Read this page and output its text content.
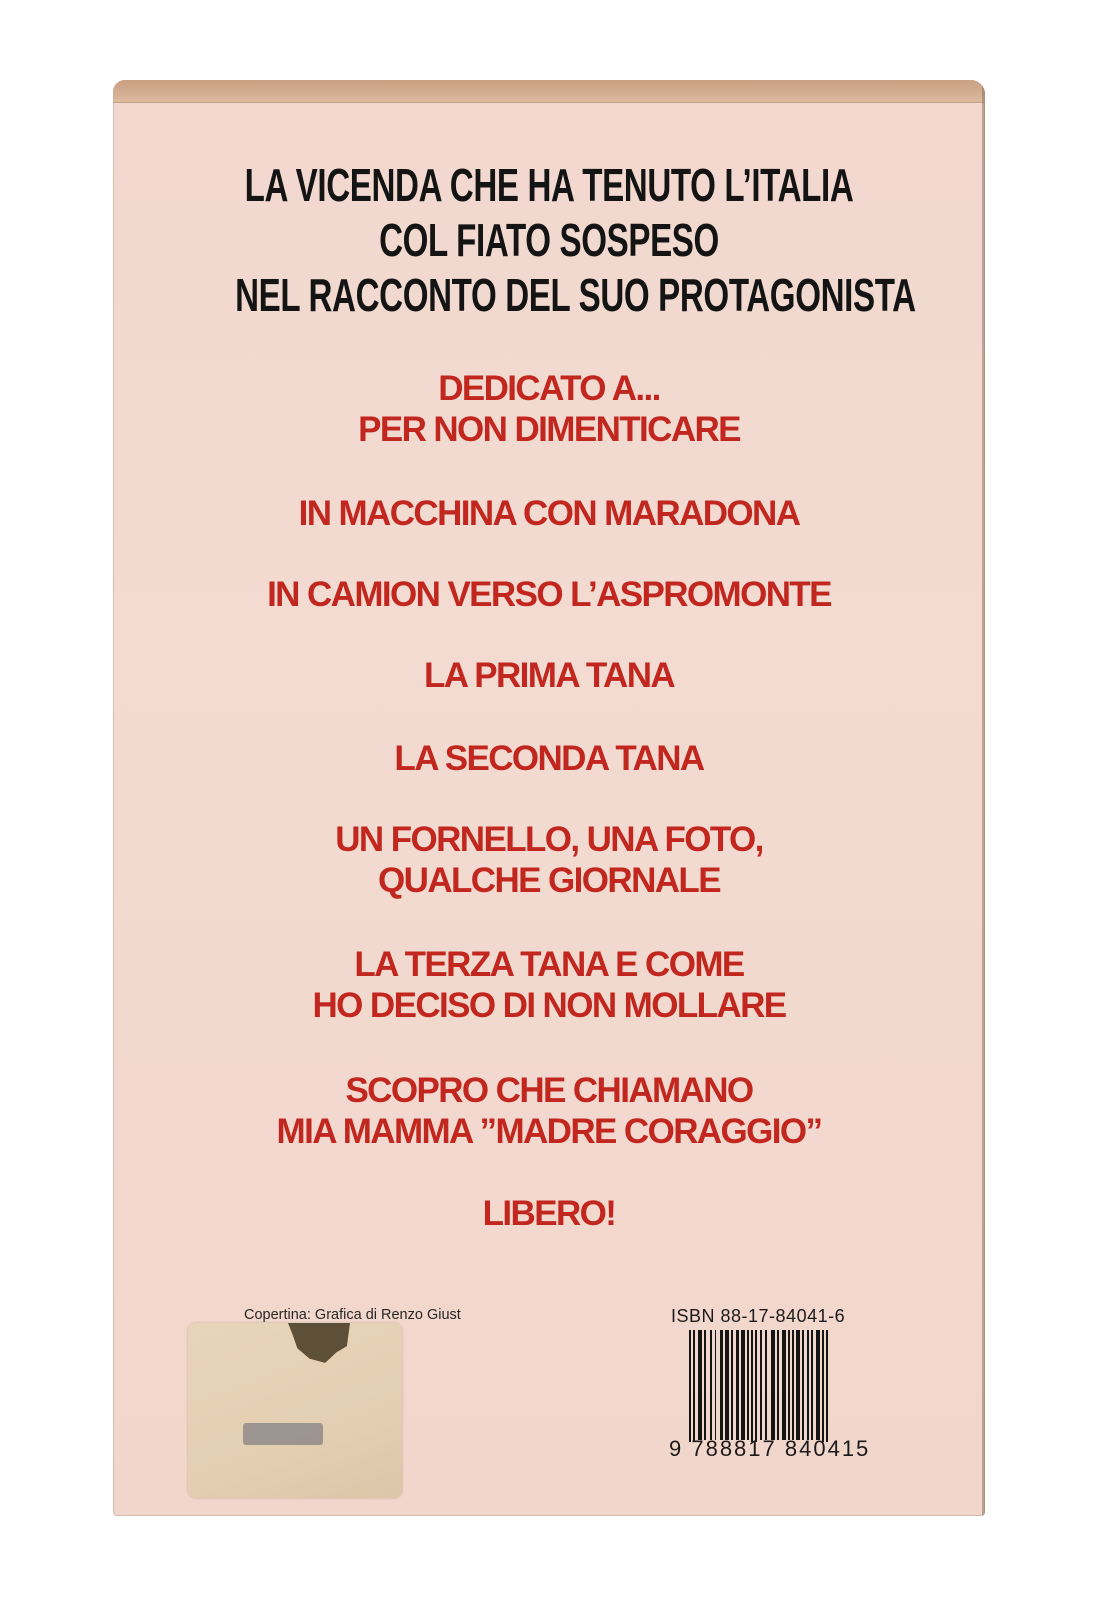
LA VICENDA CHE HA TENUTO L’ITALIA
COL FIATO SOSPESO
NEL RACCONTO DEL SUO PROTAGONISTA
DEDICATO A...
PER NON DIMENTICARE
IN MACCHINA CON MARADONA
IN CAMION VERSO L’ASPROMONTE
LA PRIMA TANA
LA SECONDA TANA
UN FORNELLO, UNA FOTO,
QUALCHE GIORNALE
LA TERZA TANA E COME
HO DECISO DI NON MOLLARE
SCOPRO CHE CHIAMANO
MIA MAMMA ”MADRE CORAGGIO”
LIBERO!
Copertina: Grafica di Renzo Giust	ISBN 88-17-84041-6
9 788817 840415
